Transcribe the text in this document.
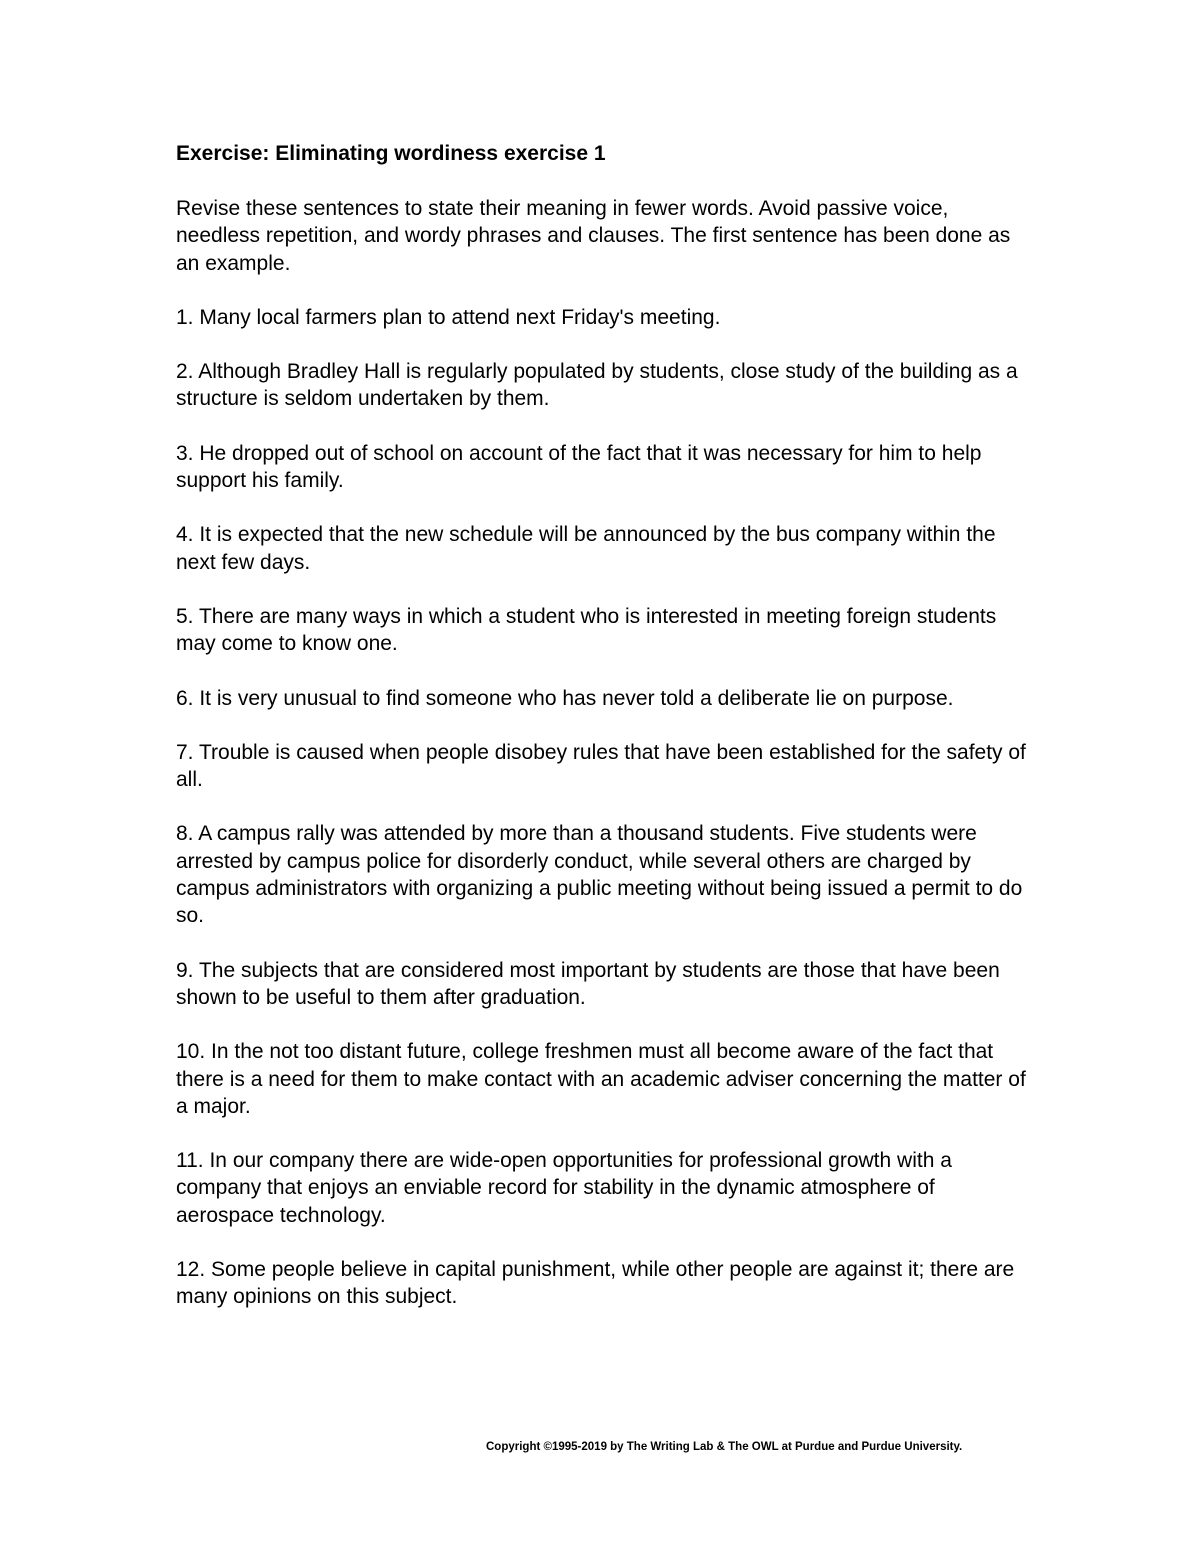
Exercise: Eliminating wordiness exercise 1

Revise these sentences to state their meaning in fewer words. Avoid passive voice, needless repetition, and wordy phrases and clauses. The first sentence has been done as an example.

1. Many local farmers plan to attend next Friday's meeting.
2. Although Bradley Hall is regularly populated by students, close study of the building as a structure is seldom undertaken by them.
3. He dropped out of school on account of the fact that it was necessary for him to help support his family.
4. It is expected that the new schedule will be announced by the bus company within the next few days.
5. There are many ways in which a student who is interested in meeting foreign students may come to know one.
6. It is very unusual to find someone who has never told a deliberate lie on purpose.
7. Trouble is caused when people disobey rules that have been established for the safety of all.
8. A campus rally was attended by more than a thousand students. Five students were arrested by campus police for disorderly conduct, while several others are charged by campus administrators with organizing a public meeting without being issued a permit to do so.
9. The subjects that are considered most important by students are those that have been shown to be useful to them after graduation.
10. In the not too distant future, college freshmen must all become aware of the fact that there is a need for them to make contact with an academic adviser concerning the matter of a major.
11. In our company there are wide-open opportunities for professional growth with a company that enjoys an enviable record for stability in the dynamic atmosphere of aerospace technology.
12. Some people believe in capital punishment, while other people are against it; there are many opinions on this subject.
Copyright ©1995-2019 by The Writing Lab & The OWL at Purdue and Purdue University.
